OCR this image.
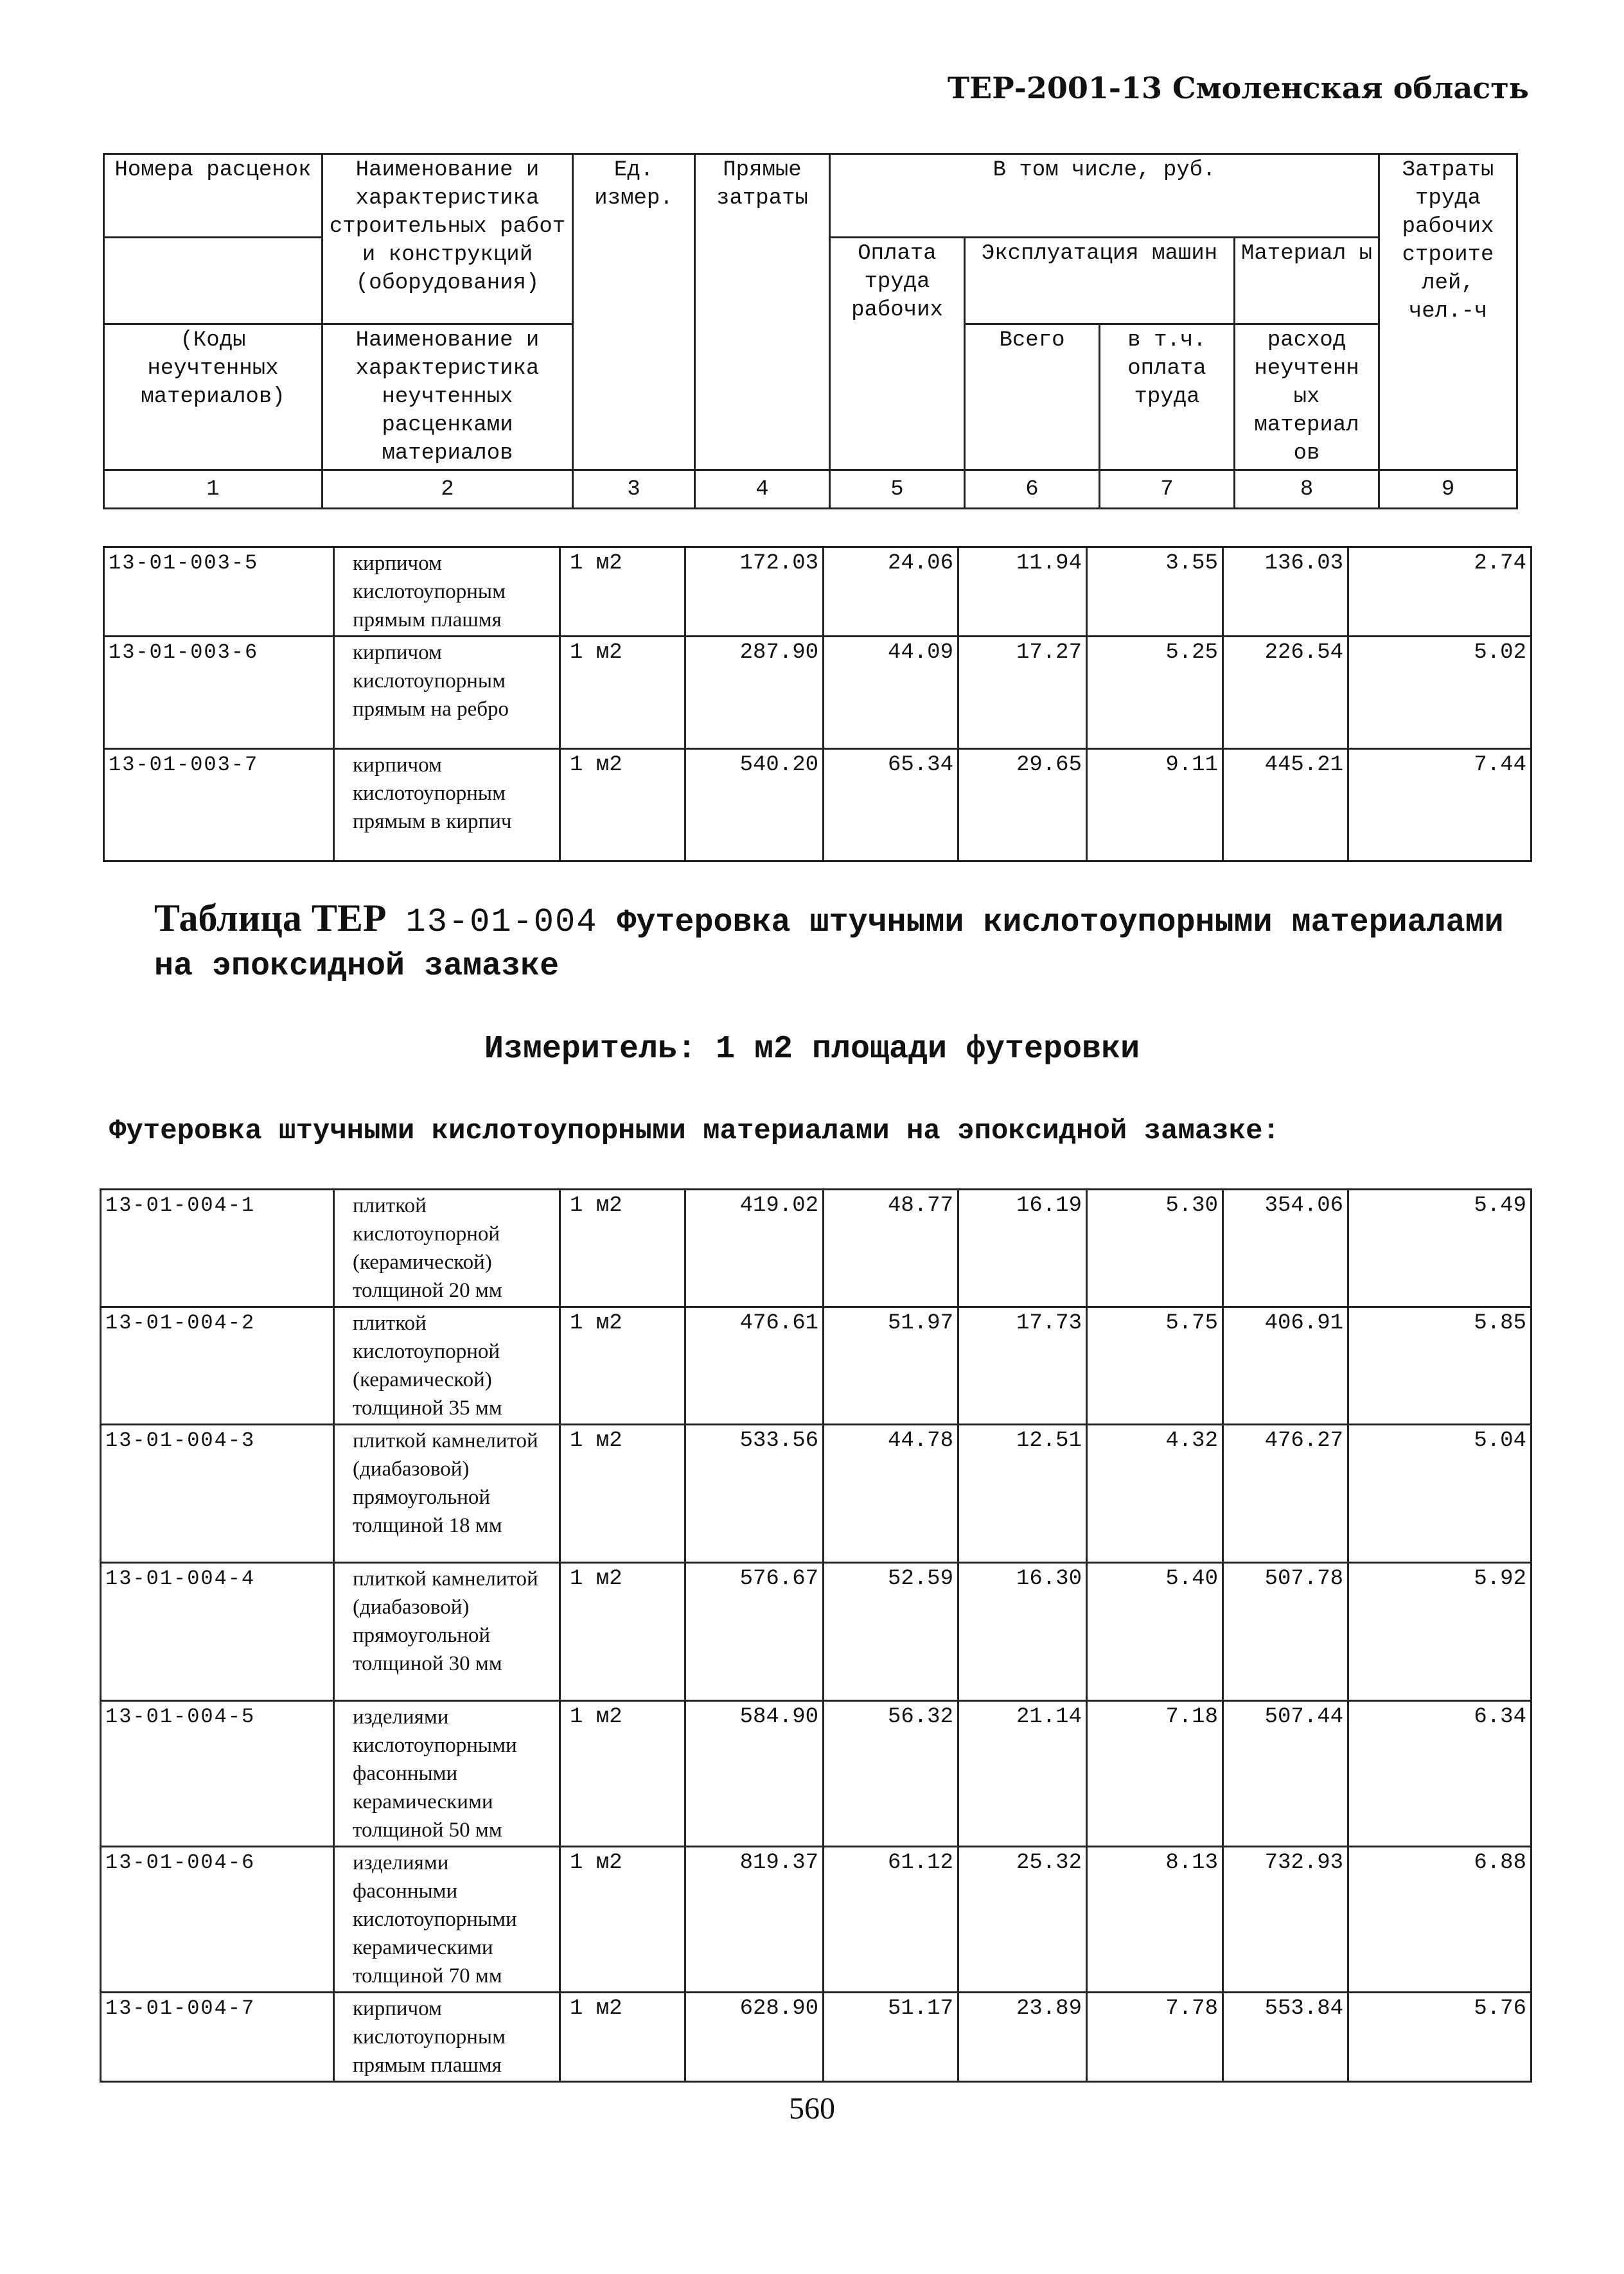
ТЕР-2001-13 Смоленская область
Номера расценок	Наименование и характеристика строительных работ и конструкций (оборудования)	Ед. измер.	Прямые затраты	В том числе, руб.				Затраты труда рабочих строите лей, чел.-ч
				Оплата труда рабочих	Эксплуатация машин		Материал ы	
(Коды неучтенных материалов)	Наименование и характеристика неучтенных расценками материалов				Всего	в т.ч. оплата труда	расход неучтенн ых материал ов	
1	2	3	4	5	6	7	8	9
13-01-003-5	кирпичом кислотоупорным прямым плашмя	1 м2	172.03	24.06	11.94	3.55	136.03	2.74
13-01-003-6	кирпичом кислотоупорным прямым на ребро	1 м2	287.90	44.09	17.27	5.25	226.54	5.02
13-01-003-7	кирпичом кислотоупорным прямым в кирпич	1 м2	540.20	65.34	29.65	9.11	445.21	7.44
Таблица ТЕР 13-01-004 Футеровка штучными кислотоупорными материалами на эпоксидной замазке
Измеритель: 1 м2 площади футеровки
Футеровка штучными кислотоупорными материалами на эпоксидной замазке:
13-01-004-1	плиткой кислотоупорной (керамической) толщиной 20 мм	1 м2	419.02	48.77	16.19	5.30	354.06	5.49
13-01-004-2	плиткой кислотоупорной (керамической) толщиной 35 мм	1 м2	476.61	51.97	17.73	5.75	406.91	5.85
13-01-004-3	плиткой камнелитой (диабазовой) прямоугольной толщиной 18 мм	1 м2	533.56	44.78	12.51	4.32	476.27	5.04
13-01-004-4	плиткой камнелитой (диабазовой) прямоугольной толщиной 30 мм	1 м2	576.67	52.59	16.30	5.40	507.78	5.92
13-01-004-5	изделиями кислотоупорными фасонными керамическими толщиной 50 мм	1 м2	584.90	56.32	21.14	7.18	507.44	6.34
13-01-004-6	изделиями фасонными кислотоупорными керамическими толщиной 70 мм	1 м2	819.37	61.12	25.32	8.13	732.93	6.88
13-01-004-7	кирпичом кислотоупорным прямым плашмя	1 м2	628.90	51.17	23.89	7.78	553.84	5.76
560
